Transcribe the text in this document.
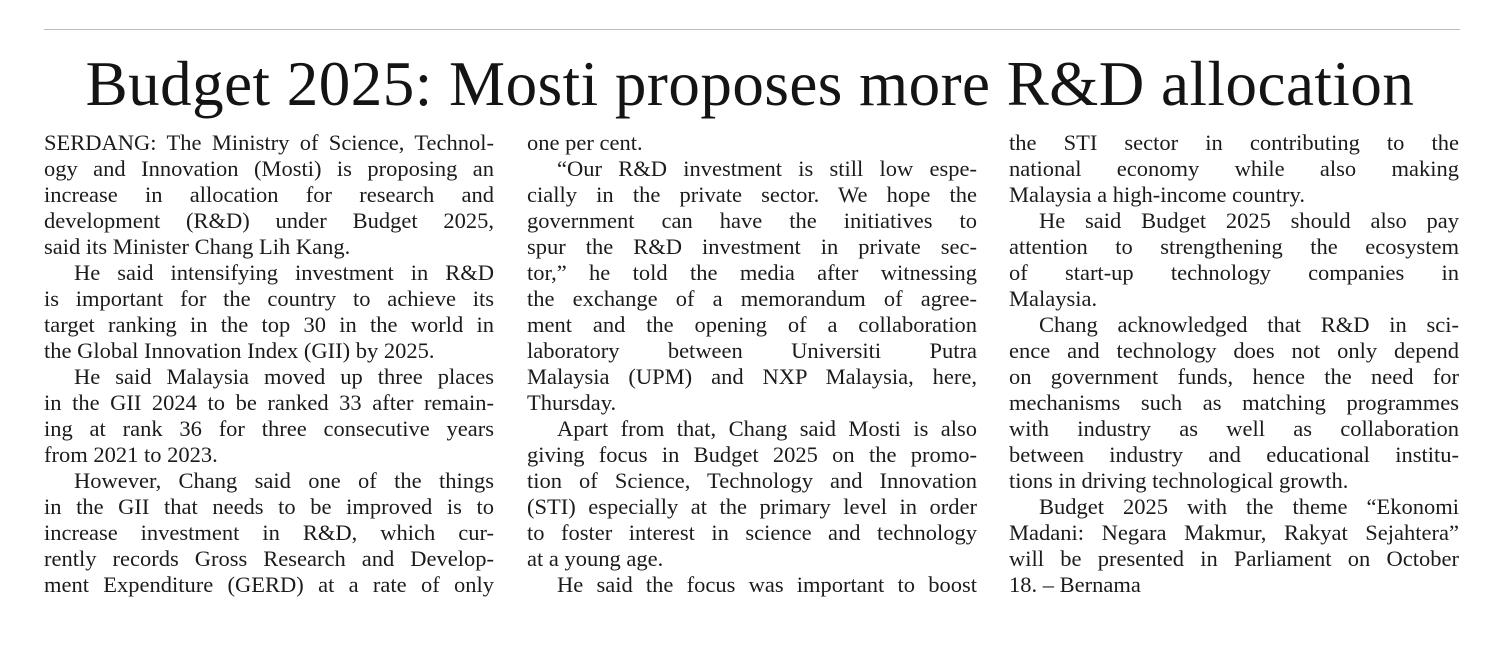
Budget 2025: Mosti proposes more R&D allocation

SERDANG: The Ministry of Science, Technol-
ogy and Innovation (Mosti) is proposing an
increase in allocation for research and
development (R&D) under Budget 2025,
said its Minister Chang Lih Kang.

He said intensifying investment in R&D
is important for the country to achieve its
target ranking in the top 30 in the world in
the Global Innovation Index (GII) by 2025.

He said Malaysia moved up three places
in the GII 2024 to be ranked 33 after remain-
ing at rank 36 for three consecutive years
from 2021 to 2023.

However, Chang said one of the things
in the GII that needs to be improved is to
increase investment in R&D, which cur-
rently records Gross Research and Develop-
ment Expenditure (GERD) at a rate of only

one per cent.

“Our R&D investment is still low espe-
cially in the private sector. We hope the
government can have the initiatives to
spur the R&D investment in private sec-
tor,” he told the media after witnessing
the exchange of a memorandum of agree-
ment and the opening of a collaboration
laboratory between Universiti Putra
Malaysia (UPM) and NXP Malaysia, here,
Thursday.

Apart from that, Chang said Mosti is also
giving focus in Budget 2025 on the promo-
tion of Science, Technology and Innovation
(STI) especially at the primary level in order
to foster interest in science and technology
at a young age.

He said the focus was important to boost

the STI sector in contributing to the
national economy while also making
Malaysia a high-income country.

He said Budget 2025 should also pay
attention to strengthening the ecosystem
of start-up technology companies in
Malaysia.

Chang acknowledged that R&D in sci-
ence and technology does not only depend
on government funds, hence the need for
mechanisms such as matching programmes
with industry as well as collaboration
between industry and educational institu-
tions in driving technological growth.

Budget 2025 with the theme “Ekonomi
Madani: Negara Makmur, Rakyat Sejahtera”
will be presented in Parliament on October
18. – Bernama
